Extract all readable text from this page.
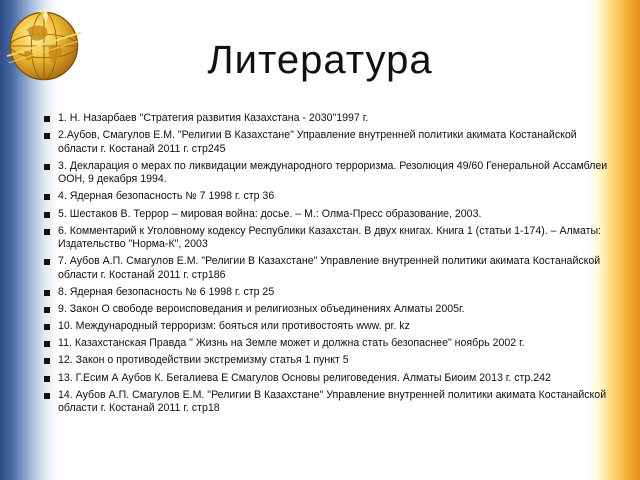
Литература
1. Н. Назарбаев "Стратегия развития Казахстана - 2030"1997 г.
2.Аубов, Смагулов Е.М. "Религии В Казахстане" Управление внутренней политики акимата Костанайской области г. Костанай 2011 г. стр245
3. Декларация о мерах по ликвидации международного терроризма. Резолюция 49/60 Генеральной Ассамблеи ООН, 9 декабря 1994.
4. Ядерная безопасность № 7 1998 г. стр 36
5. Шестаков В. Террор – мировая война: досье. – М.: Олма-Пресс образование, 2003.
6. Комментарий к Уголовному кодексу Республики Казахстан. В двух книгах. Книга 1 (статьи 1-174). – Алматы: Издательство "Норма-К", 2003
7. Аубов А.П. Смагулов Е.М. "Религии В Казахстане" Управление внутренней политики акимата Костанайской области г. Костанай 2011 г. стр186
8. Ядерная безопасность № 6 1998 г. стр 25
9. Закон О свободе вероисповедания и религиозных объединениях Алматы 2005г.
10. Международный терроризм: бояться или противостоять www. pr. kz
11. Казахстанская Правда " Жизнь на Земле может и должна стать безопаснее" ноябрь 2002 г.
12. Закон о противодействии экстремизму статья 1 пункт 5
13. Г.Есим А Аубов К. Бегалиева Е Смагулов Основы религоведения. Алматы Биоим 2013 г. стр.242
14. Аубов А.П. Смагулов Е.М. "Религии В Казахстане" Управление внутренней политики акимата Костанайской области г. Костанай 2011 г. стр18
